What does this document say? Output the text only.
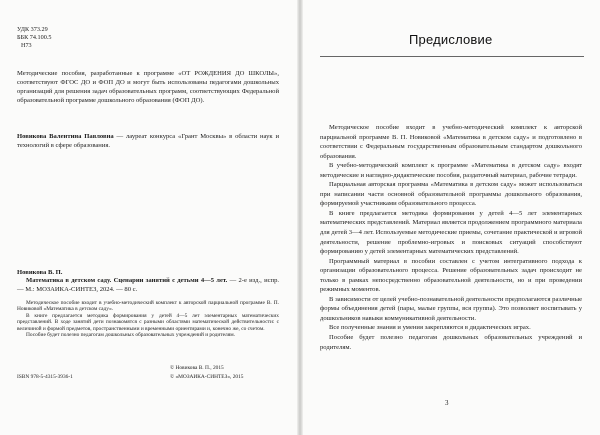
УДК 373.29
ББК 74.100.5
Н73

Методические пособия, разработанные к программе «ОТ РОЖДЕНИЯ ДО ШКОЛЫ», соответствуют ФГОС ДО и ФОП ДО и могут быть использованы педагогами дошкольных организаций для решения задач образовательных программ, соответствующих Федеральной образовательной программе дошкольного образования (ФОП ДО).

Новикова Валентина Павловна — лауреат конкурса «Грант Москвы» в области наук и технологий в сфере образования.

Новикова В. П.

Математика в детском саду. Сценарии занятий с детьми 4—5 лет. — 2-е изд., испр. — М.: МОЗАИКА-СИНТЕЗ, 2024. — 80 с.

Методическое пособие входит в учебно-методический комплект к авторской парциальной программе В. П. Новиковой «Математика в детском саду».

В книге предлагается методика формирования у детей 4—5 лет элементарных математических представлений. В ходе занятий дети познакомятся с разными областями математической действительности: с величиной и формой предметов, пространственными и временными ориентирами и, конечно же, со счетом.

Пособие будет полезно педагогам дошкольных образовательных учреждений и родителям.

© Новикова В. П., 2015
ISBN 978-5-4315-3936-1	© «МОЗАИКА-СИНТЕЗ», 2015
Предисловие

Методическое пособие входит в учебно-методический комплект к авторской парциальной программе В. П. Новиковой «Математика в детском саду» и подготовлено в соответствии с Федеральным государственным образовательным стандартом дошкольного образования.

В учебно-методический комплект к программе «Математика в детском саду» входят методические и наглядно-дидактические пособия, раздаточный материал, рабочие тетради.

Парциальная авторская программа «Математика в детском саду» может использоваться при написании части основной образовательной программы дошкольного образования, формируемой участниками образовательного процесса.

В книге предлагается методика формирования у детей 4—5 лет элементарных математических представлений. Материал является продолжением программного материала для детей 3—4 лет. Используемые методические приемы, сочетание практической и игровой деятельности, решение проблемно-игровых и поисковых ситуаций способствуют формированию у детей элементарных математических представлений.

Программный материал в пособии составлен с учетом интегративного подхода к организации образовательного процесса. Решение образовательных задач происходит не только в рамках непосредственно образовательной деятельности, но и при проведении режимных моментов.

В зависимости от целей учебно-познавательной деятельности предполагаются различные формы объединения детей (пары, малые группы, вся группа). Это позволяет воспитывать у дошкольников навыки коммуникативной деятельности.

Все полученные знания и умения закрепляются в дидактических играх.

Пособие будет полезно педагогам дошкольных образовательных учреждений и родителям.

3
